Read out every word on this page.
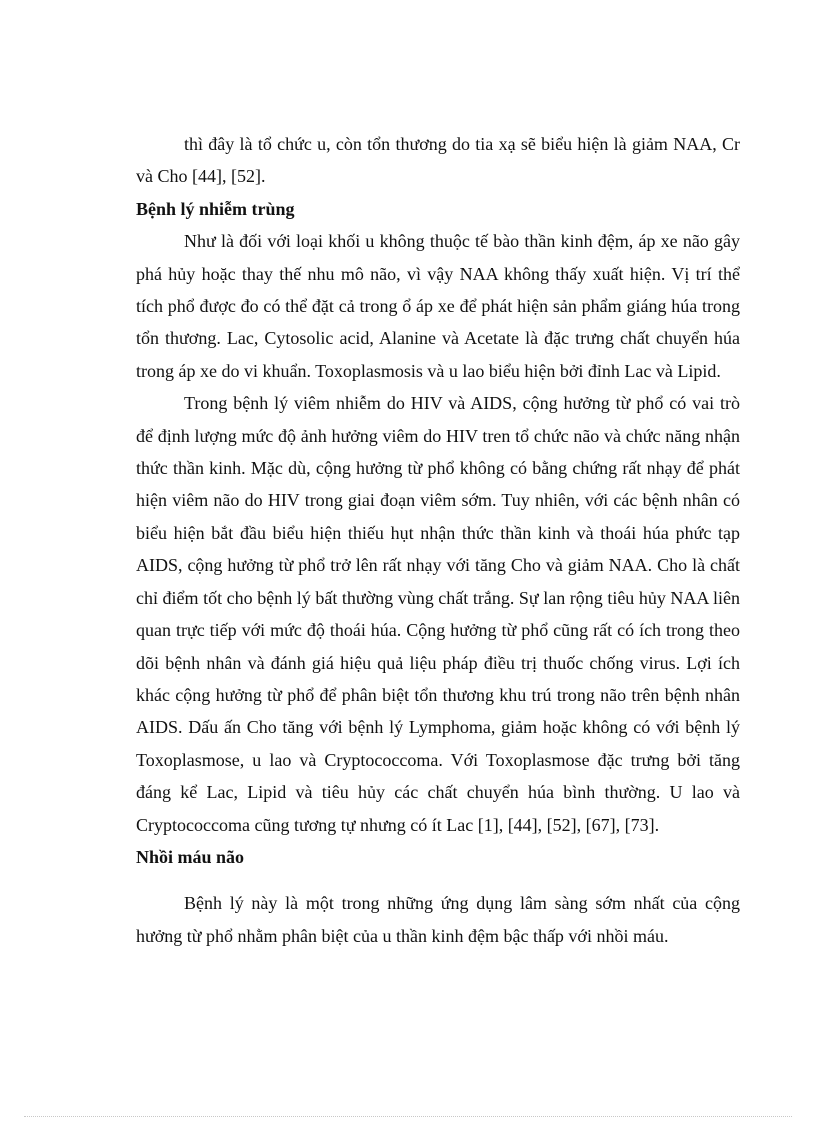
thì đây là tổ chức u, còn tổn thương do tia xạ sẽ biểu hiện là giảm NAA, Cr và Cho [44], [52].

Bệnh lý nhiễm trùng

Như là đối với loại khối u không thuộc tế bào thần kinh đệm, áp xe não gây phá hủy hoặc thay thế nhu mô não, vì vậy NAA không thấy xuất hiện. Vị trí thể tích phổ được đo có thể đặt cả trong ổ áp xe để phát hiện sản phẩm giáng húa trong tổn thương. Lac, Cytosolic acid, Alanine và Acetate là đặc trưng chất chuyển húa trong áp xe do vi khuẩn. Toxoplasmosis và u lao biểu hiện bởi đỉnh Lac và Lipid.

Trong bệnh lý viêm nhiễm do HIV và AIDS, cộng hưởng từ phổ có vai trò để định lượng mức độ ảnh hưởng viêm do HIV tren tổ chức não và chức năng nhận thức thần kinh. Mặc dù, cộng hưởng từ phổ không có bằng chứng rất nhạy để phát hiện viêm não do HIV trong giai đoạn viêm sớm. Tuy nhiên, với các bệnh nhân có biểu hiện bắt đầu biểu hiện thiếu hụt nhận thức thần kinh và thoái húa phức tạp AIDS, cộng hưởng từ phổ trở lên rất nhạy với tăng Cho và giảm NAA. Cho là chất chỉ điểm tốt cho bệnh lý bất thường vùng chất trắng. Sự lan rộng tiêu hủy NAA liên quan trực tiếp với mức độ thoái húa. Cộng hưởng từ phổ cũng rất có ích trong theo dõi bệnh nhân và đánh giá hiệu quả liệu pháp điều trị thuốc chống virus. Lợi ích khác cộng hưởng từ phổ để phân biệt tổn thương khu trú trong não trên bệnh nhân AIDS. Dấu ấn Cho tăng với bệnh lý Lymphoma, giảm hoặc không có với bệnh lý Toxoplasmose, u lao và Cryptococcoma. Với Toxoplasmose đặc trưng bởi tăng đáng kể Lac, Lipid và tiêu hủy các chất chuyển húa bình thường. U lao và Cryptococcoma cũng tương tự nhưng có ít Lac [1], [44], [52], [67], [73].

Nhồi máu não

Bệnh lý này là một trong những ứng dụng lâm sàng sớm nhất của cộng hưởng từ phổ nhằm phân biệt của u thần kinh đệm bậc thấp với nhồi máu.
